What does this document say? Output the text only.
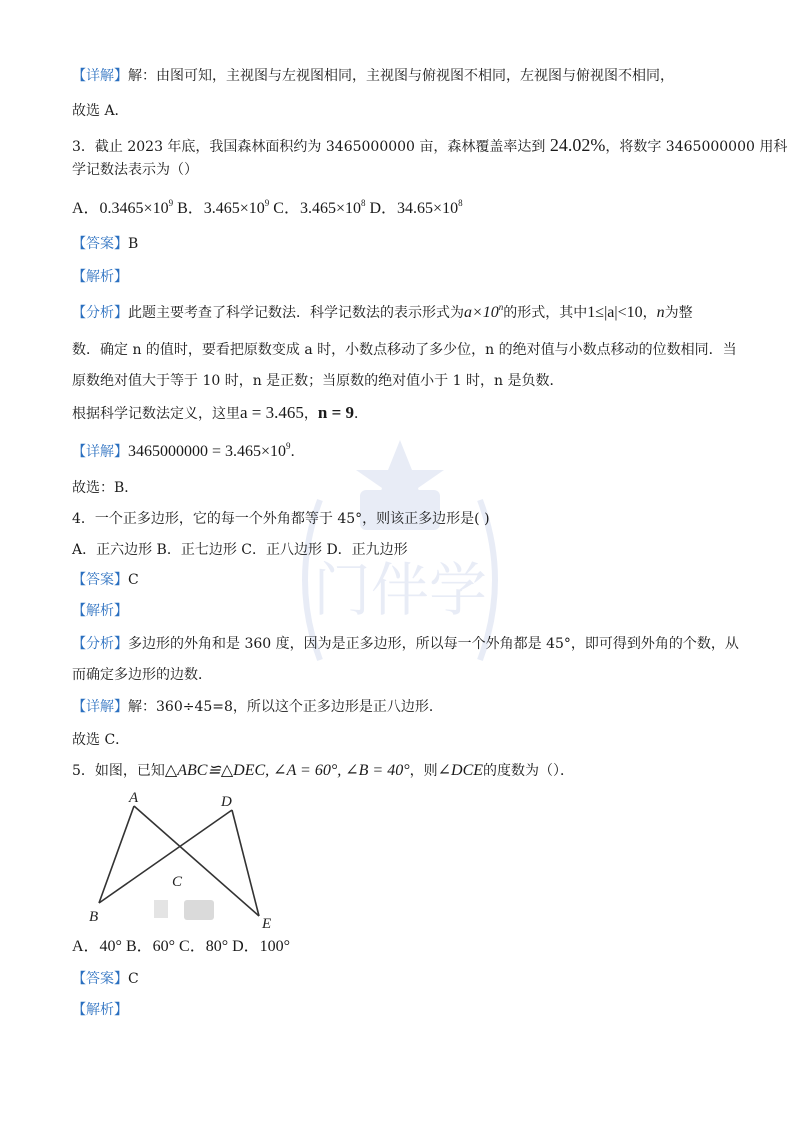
门伴学
【详解】解：由图可知，主视图与左视图相同，主视图与俯视图不相同，左视图与俯视图不相同，
故选 A．
3．截止 2023 年底，我国森林面积约为 3465000000 亩，森林覆盖率达到 24.02%，将数字 3465000000 用科
学记数法表示为（）
A．$0.3465\times 10^9$ B．$3.465\times 10^9$ C．$3.465\times 10^8$ D．$34.65\times 10^8$
【答案】B
【解析】
【分析】此题主要考查了科学记数法．科学记数法的表示形式为$a\times 10^n$的形式，其中1≤|a|<10，n为整
数．确定 n 的值时，要看把原数变成 a 时，小数点移动了多少位，n 的绝对值与小数点移动的位数相同．当
原数绝对值大于等于 10 时，n 是正数；当原数的绝对值小于 1 时，n 是负数．
根据科学记数法定义，这里a = 3.465，n = 9．
【详解】$3465000000 = 3.465\times 10^9$．
故选：B．
4．一个正多边形，它的每一个外角都等于 45°，则该正多边形是( )
A．正六边形 B．正七边形 C．正八边形 D．正九边形
【答案】C
【解析】
【分析】多边形的外角和是 360 度，因为是正多边形，所以每一个外角都是 45°，即可得到外角的个数，从
而确定多边形的边数．
【详解】解：360÷45=8，所以这个正多边形是正八边形．
故选 C．
5．如图，已知△ABC≌△DEC, ∠A = 60°, ∠B = 40°，则∠DCE的度数为（）．
A
B
C
D
E
A．40° B．60° C．80° D．100°
【答案】C
【解析】
